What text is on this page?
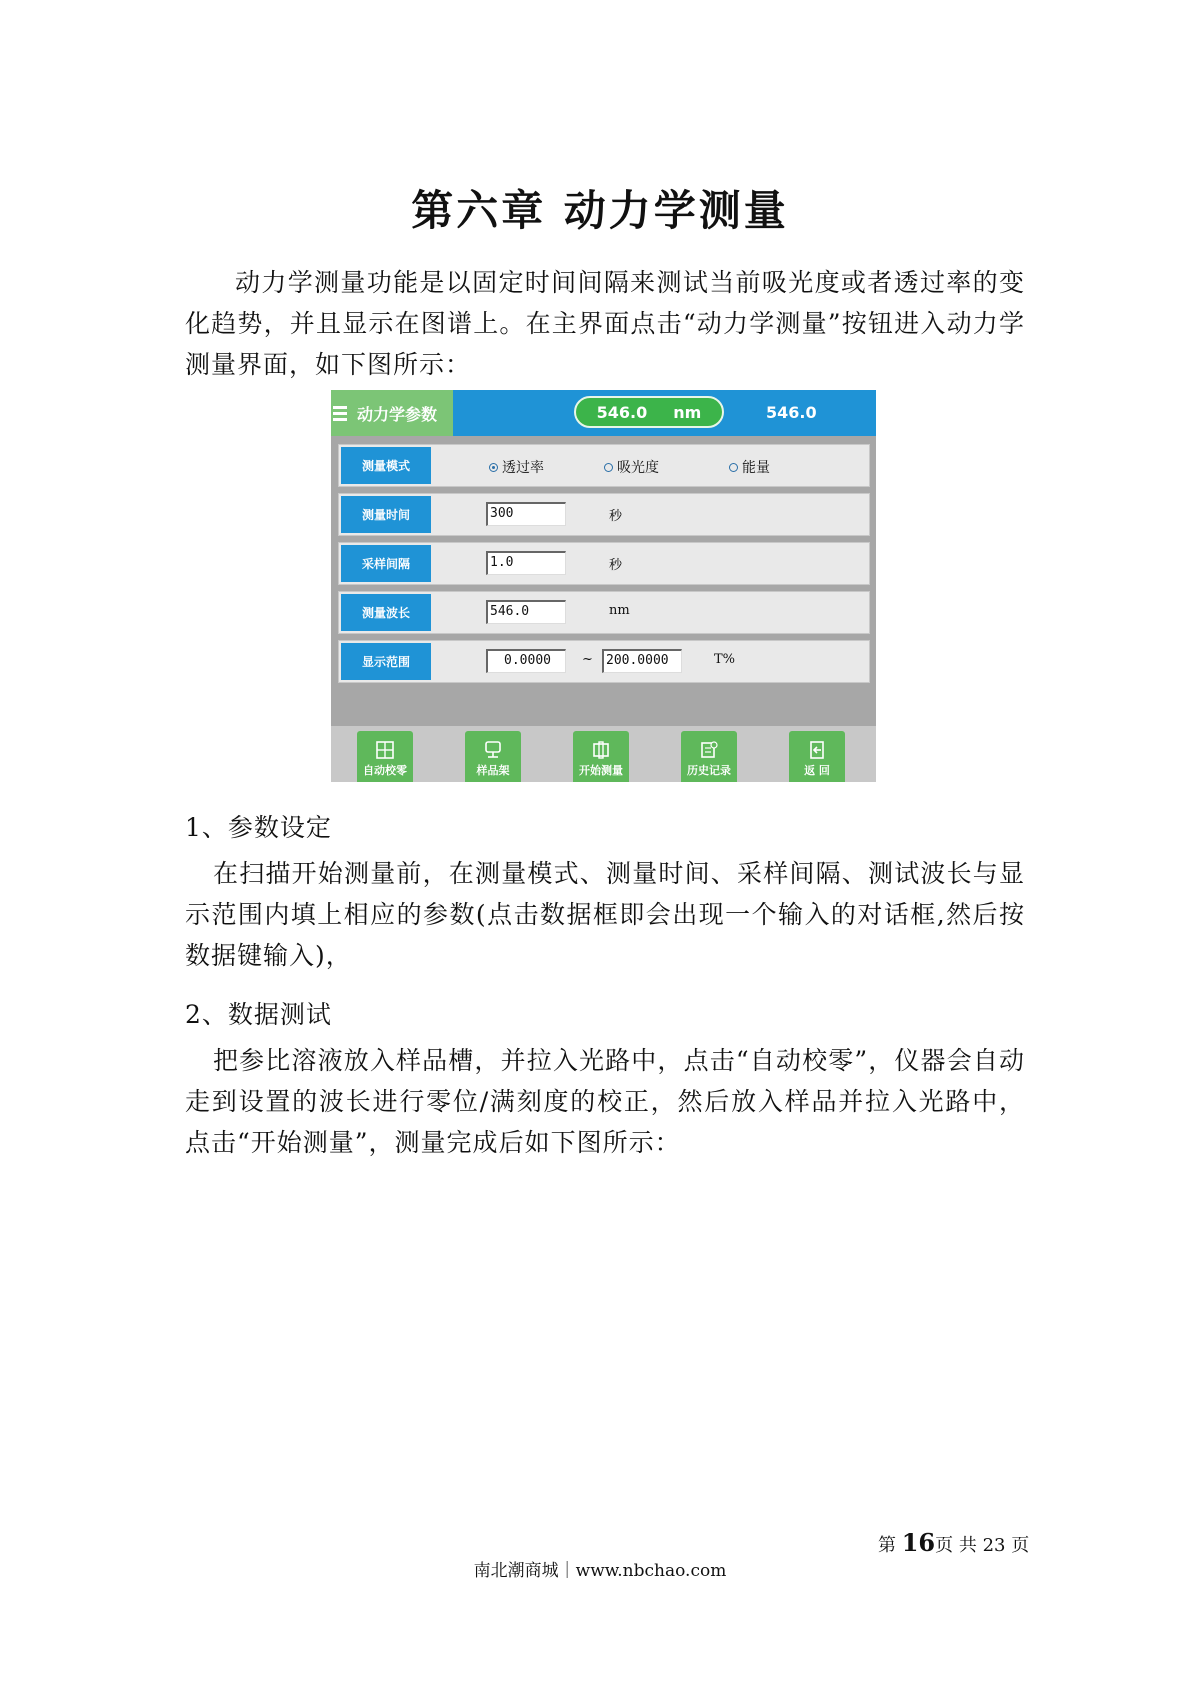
第六章 动力学测量

动力学测量功能是以固定时间间隔来测试当前吸光度或者透过率的变化趋势，并且显示在图谱上。在主界面点击“动力学测量”按钮进入动力学测量界面，如下图所示：

动力学参数	546.0 nm	546.0
测量模式	透过率	吸光度	能量
测量时间	300	秒
采样间隔	1.0	秒
测量波长	546.0	nm
显示范围	0.0000	~	200.0000	T%
自动校零	样品架	开始测量	历史记录	返 回
1、参数设定

在扫描开始测量前，在测量模式、测量时间、采样间隔、测试波长与显示范围内填上相应的参数(点击数据框即会出现一个输入的对话框,然后按数据键输入)，

2、数据测试

把参比溶液放入样品槽，并拉入光路中，点击“自动校零”，仪器会自动走到设置的波长进行零位/满刻度的校正，然后放入样品并拉入光路中，点击“开始测量”，测量完成后如下图所示：

第 16页 共 23 页
南北潮商城｜www.nbchao.com
